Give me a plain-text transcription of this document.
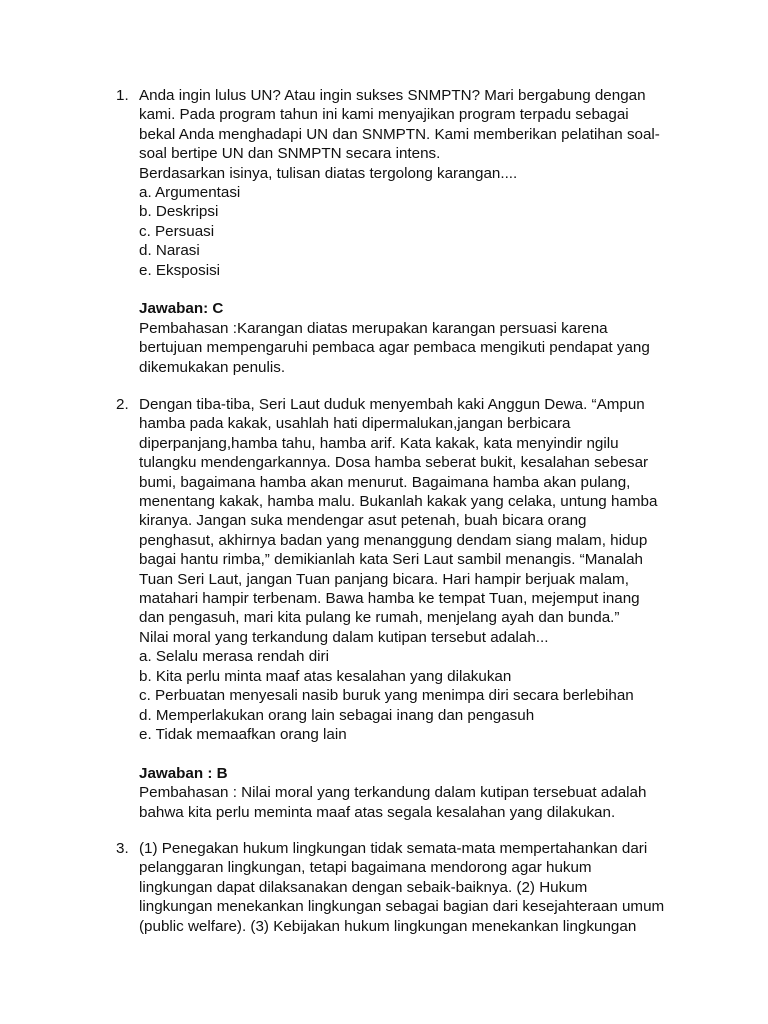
1. Anda ingin lulus UN? Atau ingin sukses SNMPTN? Mari bergabung dengan
kami. Pada program tahun ini kami menyajikan program terpadu sebagai
bekal Anda menghadapi UN dan SNMPTN. Kami memberikan pelatihan soal-
soal bertipe UN dan SNMPTN secara intens.
Berdasarkan isinya, tulisan diatas tergolong karangan....
a. Argumentasi
b. Deskripsi
c. Persuasi
d. Narasi
e. Eksposisi
Jawaban: C
Pembahasan :Karangan diatas merupakan karangan persuasi karena
bertujuan mempengaruhi pembaca agar pembaca mengikuti pendapat yang
dikemukakan penulis.
2. Dengan tiba-tiba, Seri Laut duduk menyembah kaki Anggun Dewa. “Ampun
hamba pada kakak, usahlah hati dipermalukan,jangan berbicara
diperpanjang,hamba tahu, hamba arif. Kata kakak, kata menyindir ngilu
tulangku mendengarkannya. Dosa hamba seberat bukit, kesalahan sebesar
bumi, bagaimana hamba akan menurut. Bagaimana hamba akan pulang,
menentang kakak, hamba malu. Bukanlah kakak yang celaka, untung hamba
kiranya. Jangan suka mendengar asut petenah, buah bicara orang
penghasut, akhirnya badan yang menanggung dendam siang malam, hidup
bagai hantu rimba,” demikianlah kata Seri Laut sambil menangis. “Manalah
Tuan Seri Laut, jangan Tuan panjang bicara. Hari hampir berjuak malam,
matahari hampir terbenam. Bawa hamba ke tempat Tuan, mejemput inang
dan pengasuh, mari kita pulang ke rumah, menjelang ayah dan bunda.”
Nilai moral yang terkandung dalam kutipan tersebut adalah...
a. Selalu merasa rendah diri
b. Kita perlu minta maaf atas kesalahan yang dilakukan
c. Perbuatan menyesali nasib buruk yang menimpa diri secara berlebihan
d. Memperlakukan orang lain sebagai inang dan pengasuh
e. Tidak memaafkan orang lain
Jawaban : B
Pembahasan : Nilai moral yang terkandung dalam kutipan tersebuat adalah
bahwa kita perlu meminta maaf atas segala kesalahan yang dilakukan.
3. (1) Penegakan hukum lingkungan tidak semata-mata mempertahankan dari
pelanggaran lingkungan, tetapi bagaimana mendorong agar hukum
lingkungan dapat dilaksanakan dengan sebaik-baiknya. (2) Hukum
lingkungan menekankan lingkungan sebagai bagian dari kesejahteraan umum
(public welfare). (3) Kebijakan hukum lingkungan menekankan lingkungan
